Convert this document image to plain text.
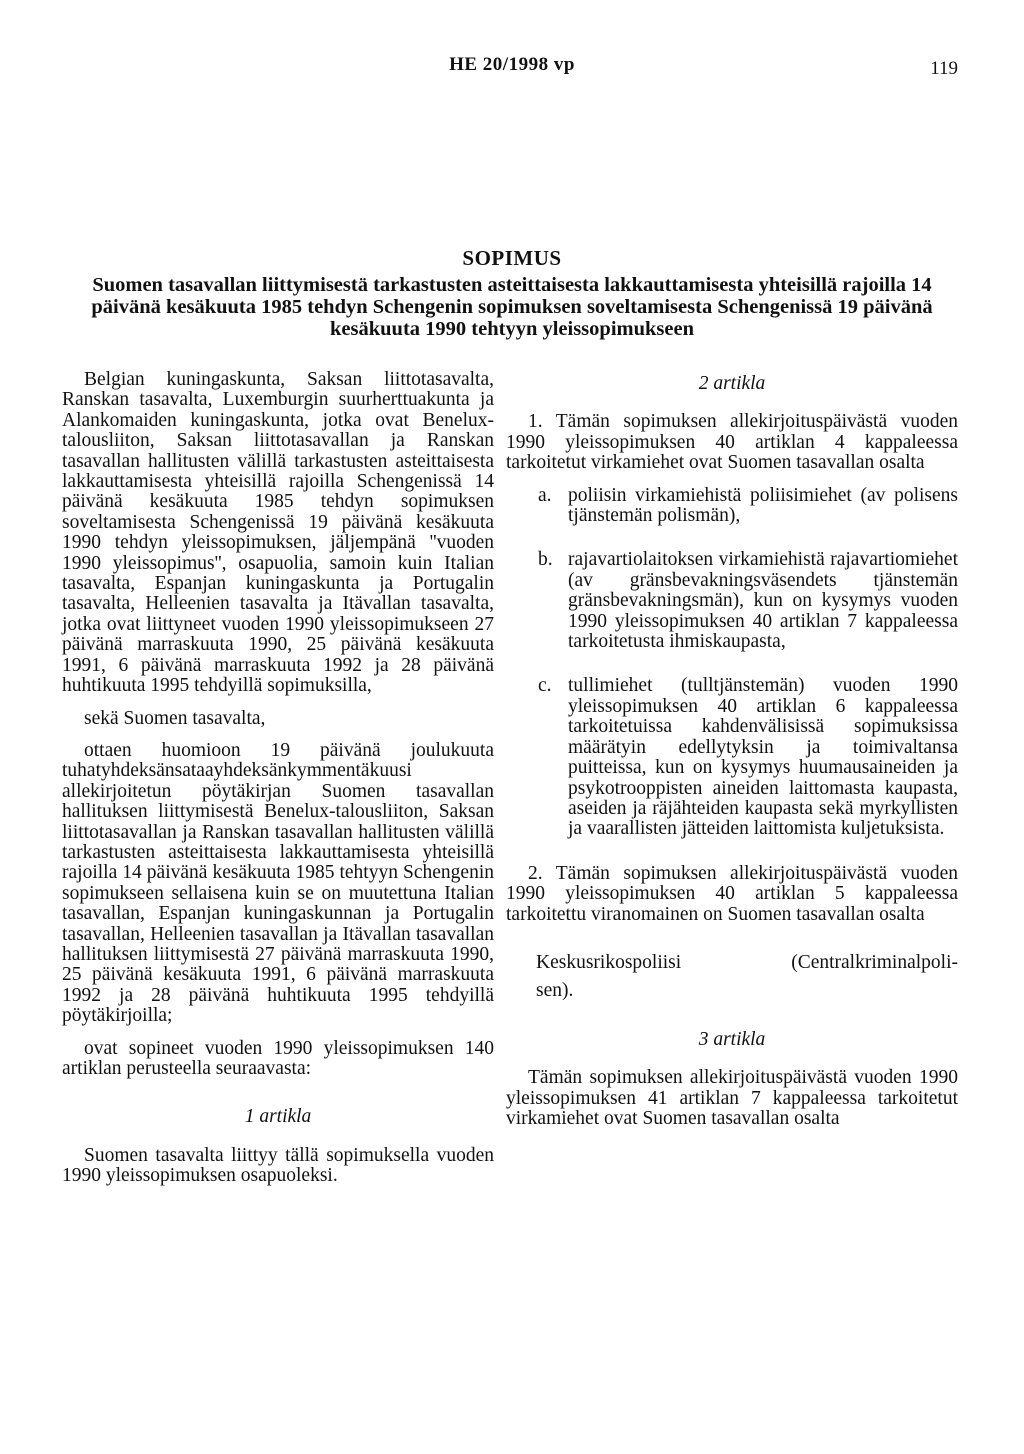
HE 20/1998 vp	119
SOPIMUS
Suomen tasavallan liittymisestä tarkastusten asteittaisesta lakkauttamisesta yhteisillä rajoilla 14 päivänä kesäkuuta 1985 tehdyn Schengenin sopimuksen soveltamisesta Schengenissä 19 päivänä kesäkuuta 1990 tehtyyn yleissopimukseen

Belgian kuningaskunta, Saksan liittotasavalta, Ranskan tasavalta, Luxemburgin suurherttuakunta ja Alankomaiden kuningaskunta, jotka ovat Benelux-talousliiton, Saksan liittotasavallan ja Ranskan tasavallan hallitusten välillä tarkastusten asteittaisesta lakkauttamisesta yhteisillä rajoilla Schengenissä 14 päivänä kesäkuuta 1985 tehdyn sopimuksen soveltamisesta Schengenissä 19 päivänä kesäkuuta 1990 tehdyn yleissopimuksen, jäljempänä ''vuoden 1990 yleissopimus'', osapuolia, samoin kuin Italian tasavalta, Espanjan kuningaskunta ja Portugalin tasavalta, Helleenien tasavalta ja Itävallan tasavalta, jotka ovat liittyneet vuoden 1990 yleissopimukseen 27 päivänä marraskuuta 1990, 25 päivänä kesäkuuta 1991, 6 päivänä marraskuuta 1992 ja 28 päivänä huhtikuuta 1995 tehdyillä sopimuksilla,

sekä Suomen tasavalta,

ottaen huomioon 19 päivänä joulukuuta tuhatyhdeksänsataayhdeksänkymmentäkuusi allekirjoitetun pöytäkirjan Suomen tasavallan hallituksen liittymisestä Benelux-talousliiton, Saksan liittotasavallan ja Ranskan tasavallan hallitusten välillä tarkastusten asteittaisesta lakkauttamisesta yhteisillä rajoilla 14 päivänä kesäkuuta 1985 tehtyyn Schengenin sopimukseen sellaisena kuin se on muutettuna Italian tasavallan, Espanjan kuningaskunnan ja Portugalin tasavallan, Helleenien tasavallan ja Itävallan tasavallan hallituksen liittymisestä 27 päivänä marraskuuta 1990, 25 päivänä kesäkuuta 1991, 6 päivänä marraskuuta 1992 ja 28 päivänä huhtikuuta 1995 tehdyillä pöytäkirjoilla;

ovat sopineet vuoden 1990 yleissopimuksen 140 artiklan perusteella seuraavasta:

1 artikla

Suomen tasavalta liittyy tällä sopimuksella vuoden 1990 yleissopimuksen osapuoleksi.

2 artikla

1. Tämän sopimuksen allekirjoituspäivästä vuoden 1990 yleissopimuksen 40 artiklan 4 kappaleessa tarkoitetut virkamiehet ovat Suomen tasavallan osalta

a. poliisin virkamiehistä poliisimiehet (av polisens tjänstemän polismän),
b. rajavartiolaitoksen virkamiehistä rajavartiomiehet (av gränsbevakningsväsendets tjänstemän gränsbevakningsmän), kun on kysymys vuoden 1990 yleissopimuksen 40 artiklan 7 kappaleessa tarkoitetusta ihmiskaupasta,
c. tullimiehet (tulltjänstemän) vuoden 1990 yleissopimuksen 40 artiklan 6 kappaleessa tarkoitetuissa kahdenvälisissä sopimuksissa määrätyin edellytyksin ja toimivaltansa puitteissa, kun on kysymys huumausaineiden ja psykotrooppisten aineiden laittomasta kaupasta, aseiden ja räjähteiden kaupasta sekä myrkyllisten ja vaarallisten jätteiden laittomista kuljetuksista.

2. Tämän sopimuksen allekirjoituspäivästä vuoden 1990 yleissopimuksen 40 artiklan 5 kappaleessa tarkoitettu viranomainen on Suomen tasavallan osalta

Keskusrikospoliisi	(Centralkriminalpoli-
sen).
3 artikla

Tämän sopimuksen allekirjoituspäivästä vuoden 1990 yleissopimuksen 41 artiklan 7 kappaleessa tarkoitetut virkamiehet ovat Suomen tasavallan osalta
